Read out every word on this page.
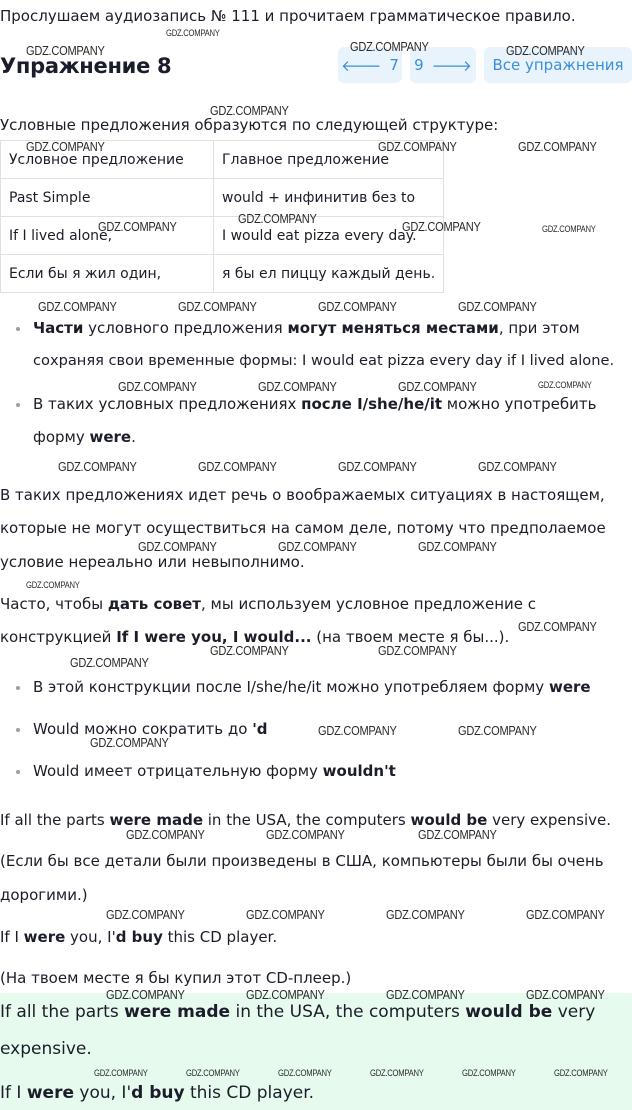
Прослушаем аудиозапись № 111 и прочитаем грамматическое правило.
Упражнение 8	🡐 7 9 🡒 Все упражнения
Условные предложения образуются по следующей структуре:
Условное предложение	Главное предложение
Past Simple	would + инфинитив без to
If I lived alone,	I would eat pizza every day.
Если бы я жил один,	я бы ел пиццу каждый день.
Части условного предложения могут меняться местами, при этом
сохраняя свои временные формы: I would eat pizza every day if I lived alone.
В таких условных предложениях после I/she/he/it можно употребить
форму were.
В таких предложениях идет речь о воображаемых ситуациях в настоящем,
которые не могут осуществиться на самом деле, потому что предполаемое
условие нереально или невыполнимо.
Часто, чтобы дать совет, мы используем условное предложение с
конструкцией If I were you, I would... (на твоем месте я бы...).
В этой конструкции после I/she/he/it можно употребляем форму were
Would можно сократить до 'd
Would имеет отрицательную форму wouldn't
If all the parts were made in the USA, the computers would be very expensive.
(Если бы все детали были произведены в США, компьютеры были бы очень
дорогими.)
If I were you, I'd buy this CD player.
(На твоем месте я бы купил этот CD-плеер.)
If all the parts were made in the USA, the computers would be very
expensive.
If I were you, I'd buy this CD player.
GDZ.COMPANY
GDZ.COMPANY	GDZ.COMPANY	GDZ.COMPANY
GDZ.COMPANY
GDZ.COMPANY	GDZ.COMPANY	GDZ.COMPANY
GDZ.COMPANY
GDZ.COMPANY	GDZ.COMPANY	GDZ.COMPANY
GDZ.COMPANY	GDZ.COMPANY	GDZ.COMPANY	GDZ.COMPANY
GDZ.COMPANY	GDZ.COMPANY	GDZ.COMPANY	GDZ.COMPANY
GDZ.COMPANY	GDZ.COMPANY	GDZ.COMPANY	GDZ.COMPANY
GDZ.COMPANY	GDZ.COMPANY	GDZ.COMPANY
GDZ.COMPANY
GDZ.COMPANY
GDZ.COMPANY	GDZ.COMPANY
GDZ.COMPANY
GDZ.COMPANY	GDZ.COMPANY
GDZ.COMPANY
GDZ.COMPANY	GDZ.COMPANY	GDZ.COMPANY
GDZ.COMPANY	GDZ.COMPANY	GDZ.COMPANY	GDZ.COMPANY
GDZ.COMPANY	GDZ.COMPANY	GDZ.COMPANY	GDZ.COMPANY
GDZ.COMPANY	GDZ.COMPANY	GDZ.COMPANY	GDZ.COMPANY	GDZ.COMPANY	GDZ.COMPANY
